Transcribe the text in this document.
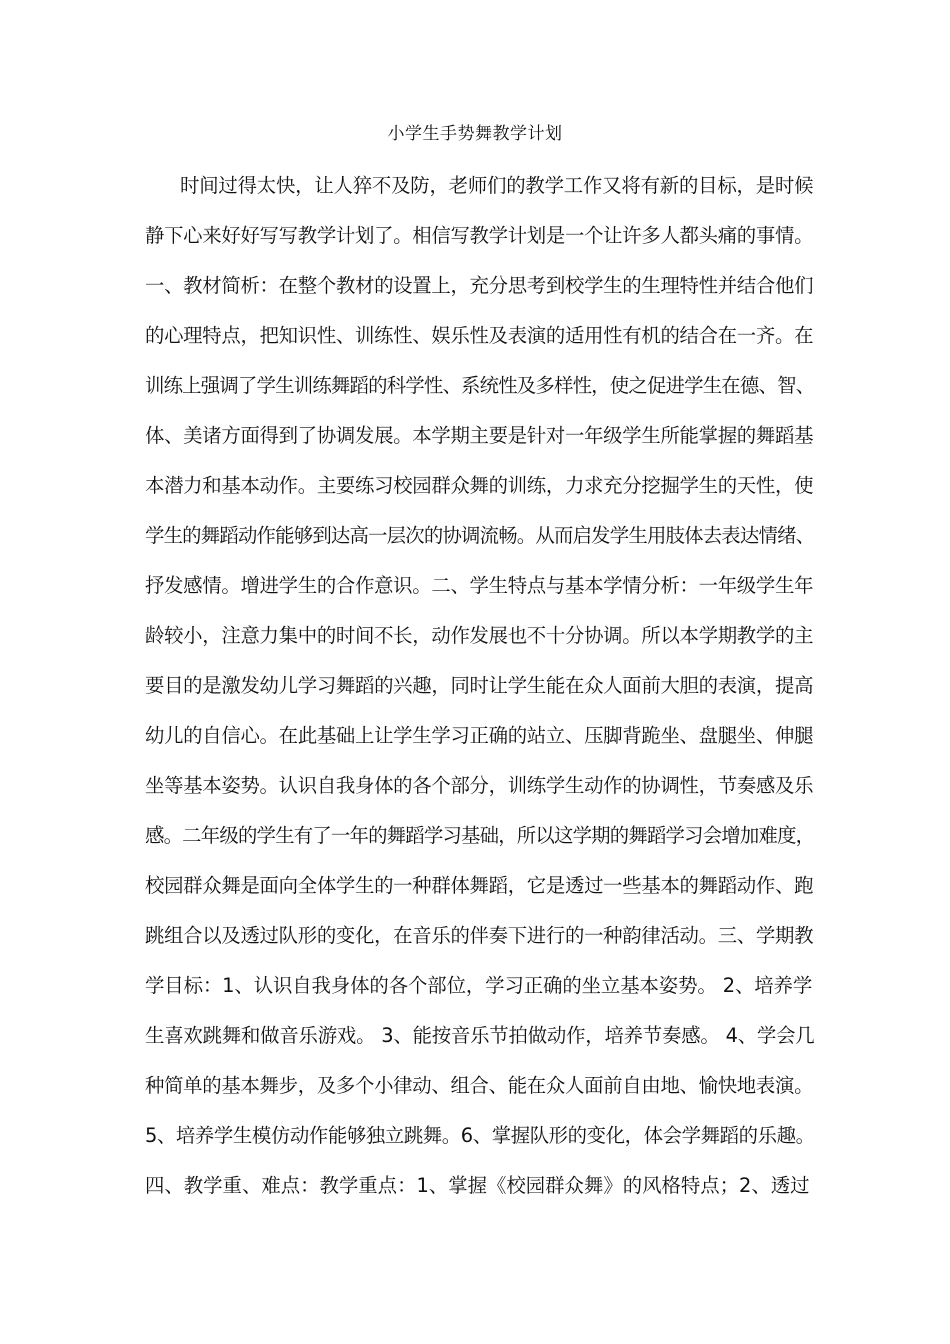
小学生手势舞教学计划
时间过得太快，让人猝不及防，老师们的教学工作又将有新的目标，是时候
静下心来好好写写教学计划了。相信写教学计划是一个让许多人都头痛的事情。
一、教材简析：在整个教材的设置上，充分思考到校学生的生理特性并结合他们
的心理特点，把知识性、训练性、娱乐性及表演的适用性有机的结合在一齐。在
训练上强调了学生训练舞蹈的科学性、系统性及多样性，使之促进学生在德、智、
体、美诸方面得到了协调发展。本学期主要是针对一年级学生所能掌握的舞蹈基
本潜力和基本动作。主要练习校园群众舞的训练，力求充分挖掘学生的天性，使
学生的舞蹈动作能够到达高一层次的协调流畅。从而启发学生用肢体去表达情绪、
抒发感情。增进学生的合作意识。二、学生特点与基本学情分析：一年级学生年
龄较小，注意力集中的时间不长，动作发展也不十分协调。所以本学期教学的主
要目的是激发幼儿学习舞蹈的兴趣，同时让学生能在众人面前大胆的表演，提高
幼儿的自信心。在此基础上让学生学习正确的站立、压脚背跪坐、盘腿坐、伸腿
坐等基本姿势。认识自我身体的各个部分，训练学生动作的协调性，节奏感及乐
感。二年级的学生有了一年的舞蹈学习基础，所以这学期的舞蹈学习会增加难度，
校园群众舞是面向全体学生的一种群体舞蹈，它是透过一些基本的舞蹈动作、跑
跳组合以及透过队形的变化，在音乐的伴奏下进行的一种韵律活动。三、学期教
学目标：1、认识自我身体的各个部位，学习正确的坐立基本姿势。 2、培养学
生喜欢跳舞和做音乐游戏。 3、能按音乐节拍做动作，培养节奏感。 4、学会几
种简单的基本舞步，及多个小律动、组合、能在众人面前自由地、愉快地表演。
5、培养学生模仿动作能够独立跳舞。6、掌握队形的变化，体会学舞蹈的乐趣。
四、教学重、难点：教学重点：1、掌握《校园群众舞》的风格特点；2、透过
